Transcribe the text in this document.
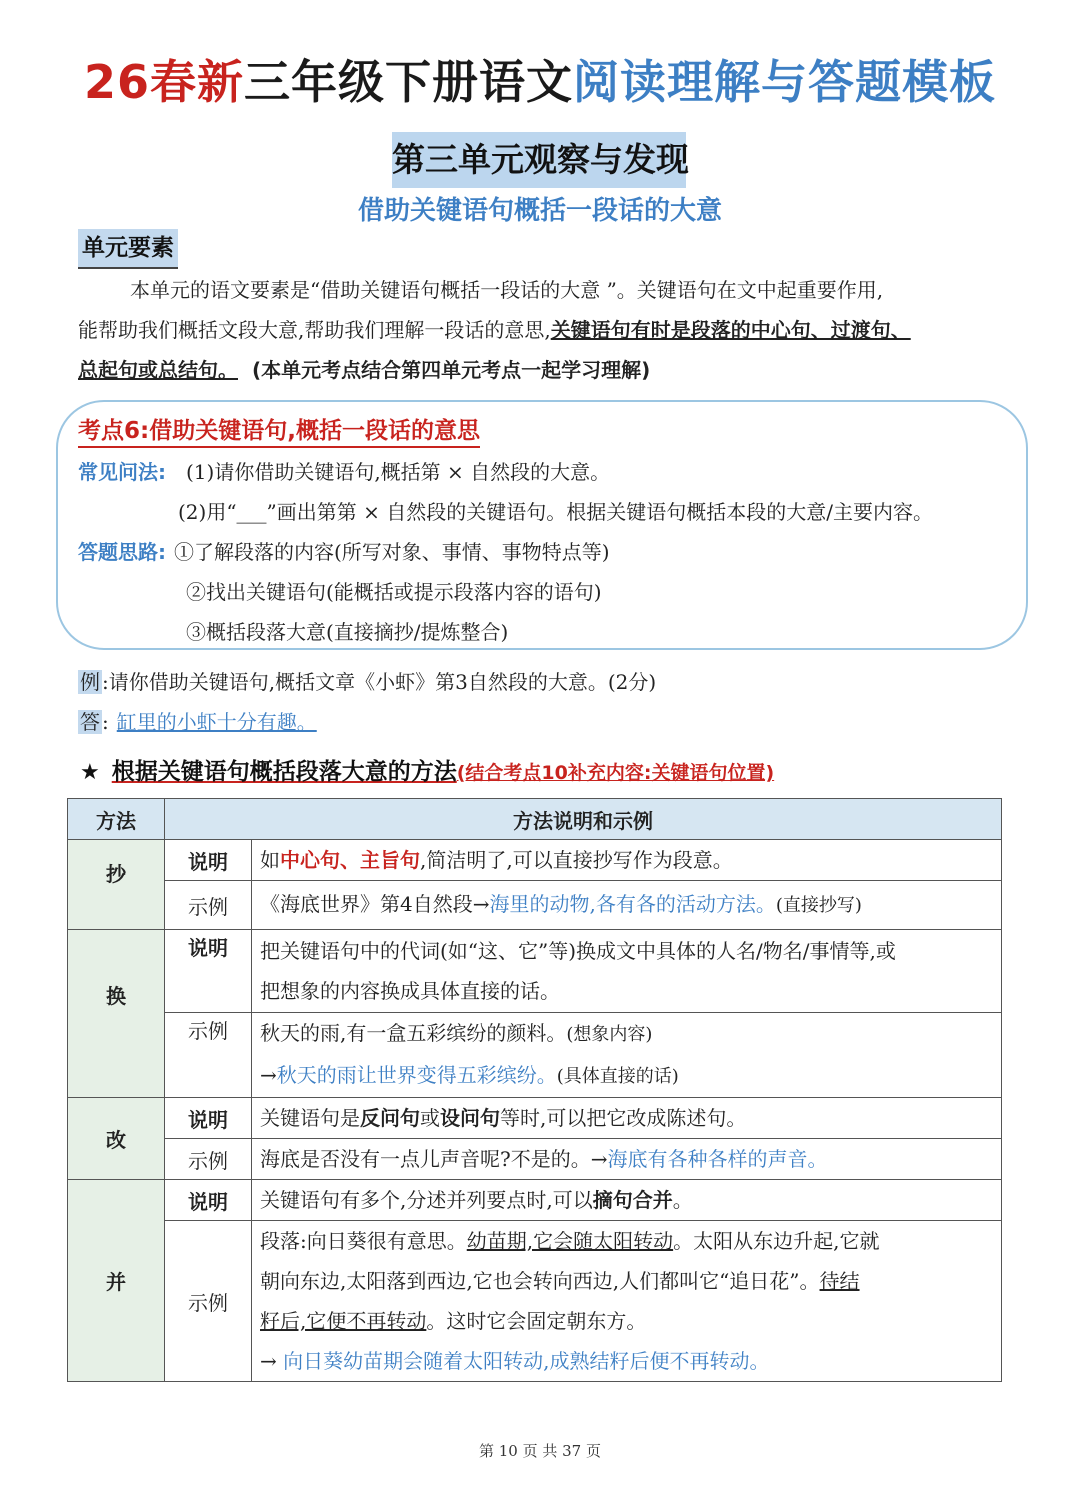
26春新三年级下册语文阅读理解与答题模板
第三单元观察与发现
借助关键语句概括一段话的大意
单元要素
本单元的语文要素是“借助关键语句概括一段话的大意 ”。关键语句在文中起重要作用,
能帮助我们概括文段大意,帮助我们理解一段话的意思,关键语句有时是段落的中心句、过渡句、
总起句或总结句。 (本单元考点结合第四单元考点一起学习理解)
考点6:借助关键语句,概括一段话的意思
常见问法: (1)请你借助关键语句,概括第 × 自然段的大意。
(2)用“___”画出第第 × 自然段的关键语句。根据关键语句概括本段的大意/主要内容。
答题思路: ①了解段落的内容(所写对象、事情、事物特点等)
②找出关键语句(能概括或提示段落内容的语句)
③概括段落大意(直接摘抄/提炼整合)
例 :请你借助关键语句,概括文章《小虾》第3自然段的大意。(2分)
答 : 缸里的小虾十分有趣。
★ 根据关键语句概括段落大意的方法(结合考点10补充内容:关键语句位置)
方法	方法说明和示例	
抄	说明	如中心句、主旨句,简洁明了,可以直接抄写作为段意。
	示例	《海底世界》第4自然段→海里的动物,各有各的活动方法。(直接抄写)
换	说明	把关键语句中的代词(如“这、它”等)换成文中具体的人名/物名/事情等,或
把想象的内容换成具体直接的话。

	示例	秋天的雨,有一盒五彩缤纷的颜料。(想象内容)
→秋天的雨让世界变得五彩缤纷。(具体直接的话)

改	说明	关键语句是反问句或设问句等时,可以把它改成陈述句。
	示例	海底是否没有一点儿声音呢?不是的。→海底有各种各样的声音。
并	说明	关键语句有多个,分述并列要点时,可以摘句合并。
	示例	段落:向日葵很有意思。幼苗期,它会随太阳转动。太阳从东边升起,它就
朝向东边,太阳落到西边,它也会转向西边,人们都叫它“追日花”。待结
籽后,它便不再转动。这时它会固定朝东方。
→ 向日葵幼苗期会随着太阳转动,成熟结籽后便不再转动。
第 10 页 共 37 页
